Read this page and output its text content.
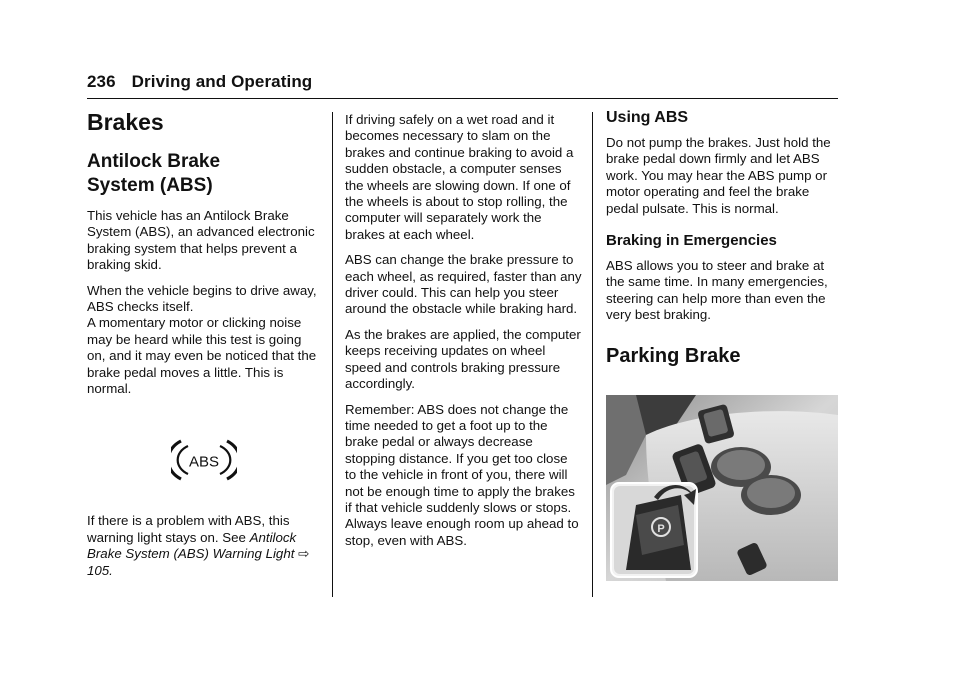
236 Driving and Operating
Brakes
Antilock Brake
System (ABS)

This vehicle has an Antilock Brake System (ABS), an advanced electronic braking system that helps prevent a braking skid.

When the vehicle begins to drive away, ABS checks itself.
A momentary motor or clicking noise may be heard while this test is going on, and it may even be noticed that the brake pedal moves a little. This is normal.

ABS

If there is a problem with ABS, this warning light stays on. See Antilock Brake System (ABS) Warning Light ⇨ 105.

If driving safely on a wet road and it becomes necessary to slam on the brakes and continue braking to avoid a sudden obstacle, a computer senses the wheels are slowing down. If one of the wheels is about to stop rolling, the computer will separately work the brakes at each wheel.

ABS can change the brake pressure to each wheel, as required, faster than any driver could. This can help you steer around the obstacle while braking hard.

As the brakes are applied, the computer keeps receiving updates on wheel speed and controls braking pressure accordingly.

Remember: ABS does not change the time needed to get a foot up to the brake pedal or always decrease stopping distance. If you get too close to the vehicle in front of you, there will not be enough time to apply the brakes if that vehicle suddenly slows or stops. Always leave enough room up ahead to stop, even with ABS.

Using ABS

Do not pump the brakes. Just hold the brake pedal down firmly and let ABS work. You may hear the ABS pump or motor operating and feel the brake pedal pulsate. This is normal.

Braking in Emergencies

ABS allows you to steer and brake at the same time. In many emergencies, steering can help more than even the very best braking.

Parking Brake
P
